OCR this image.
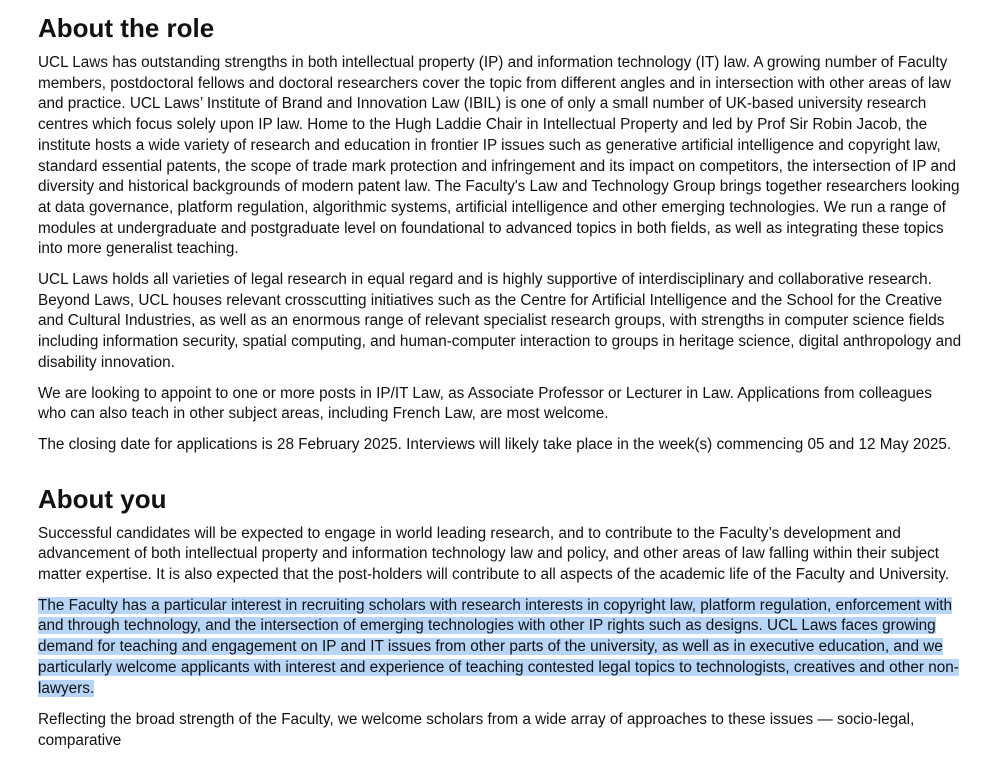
About the role

UCL Laws has outstanding strengths in both intellectual property (IP) and information technology (IT) law. A growing number of Faculty members, postdoctoral fellows and doctoral researchers cover the topic from different angles and in intersection with other areas of law and practice. UCL Laws’ Institute of Brand and Innovation Law (IBIL) is one of only a small number of UK-based university research centres which focus solely upon IP law. Home to the Hugh Laddie Chair in Intellectual Property and led by Prof Sir Robin Jacob, the institute hosts a wide variety of research and education in frontier IP issues such as generative artificial intelligence and copyright law, standard essential patents, the scope of trade mark protection and infringement and its impact on competitors, the intersection of IP and diversity and historical backgrounds of modern patent law. The Faculty's Law and Technology Group brings together researchers looking at data governance, platform regulation, algorithmic systems, artificial intelligence and other emerging technologies. We run a range of modules at undergraduate and postgraduate level on foundational to advanced topics in both fields, as well as integrating these topics into more generalist teaching.

UCL Laws holds all varieties of legal research in equal regard and is highly supportive of interdisciplinary and collaborative research. Beyond Laws, UCL houses relevant crosscutting initiatives such as the Centre for Artificial Intelligence and the School for the Creative and Cultural Industries, as well as an enormous range of relevant specialist research groups, with strengths in computer science fields including information security, spatial computing, and human-computer interaction to groups in heritage science, digital anthropology and disability innovation.

We are looking to appoint to one or more posts in IP/IT Law, as Associate Professor or Lecturer in Law. Applications from colleagues who can also teach in other subject areas, including French Law, are most welcome.

The closing date for applications is 28 February 2025. Interviews will likely take place in the week(s) commencing 05 and 12 May 2025.

About you

Successful candidates will be expected to engage in world leading research, and to contribute to the Faculty’s development and advancement of both intellectual property and information technology law and policy, and other areas of law falling within their subject matter expertise. It is also expected that the post-holders will contribute to all aspects of the academic life of the Faculty and University.

The Faculty has a particular interest in recruiting scholars with research interests in copyright law, platform regulation, enforcement with and through technology, and the intersection of emerging technologies with other IP rights such as designs. UCL Laws faces growing demand for teaching and engagement on IP and IT issues from other parts of the university, as well as in executive education, and we particularly welcome applicants with interest and experience of teaching contested legal topics to technologists, creatives and other non-lawyers.

Reflecting the broad strength of the Faculty, we welcome scholars from a wide array of approaches to these issues — socio-legal, comparative
